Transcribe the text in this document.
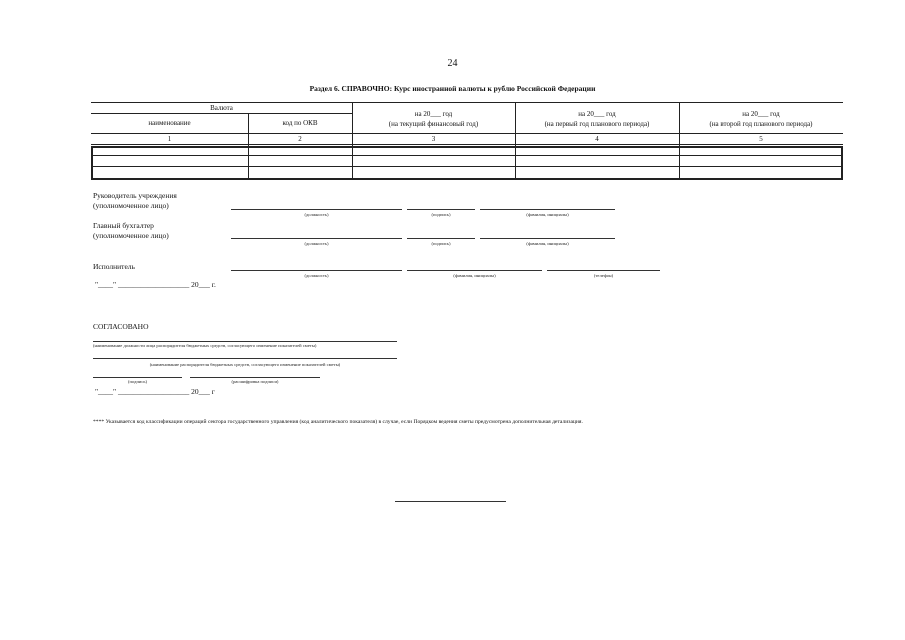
24
Раздел 6. СПРАВОЧНО: Курс иностранной валюты к рублю Российской Федерации
Валюта
наименование	код по ОКВ
на 20___ год
(на текущий финансовый год)
на 20___ год
(на первый год планового периода)
на 20___ год
(на второй год планового периода)
1	2	3	4	5
Руководитель учреждения
(уполномоченное лицо)
(должность)	(подпись)	(фамилия, инициалы)
Главный бухгалтер
(уполномоченное лицо)
(должность)	(подпись)	(фамилия, инициалы)
Исполнитель
(должность)	(фамилия, инициалы)	(телефон)
"____" ___________________ 20___ г.
СОГЛАСОВАНО
(наименование должности лица распорядителя бюджетных средств, согласующего изменение показателей сметы)
(наименование распорядителя бюджетных средств, согласующего изменение показателей сметы)
(подпись)	(расшифровка подписи)
"____" ___________________ 20___ г
**** Указывается код классификации операций сектора государственного управления (код аналитического показателя) в случае, если Порядком ведения сметы предусмотрена дополнительная детализация.
